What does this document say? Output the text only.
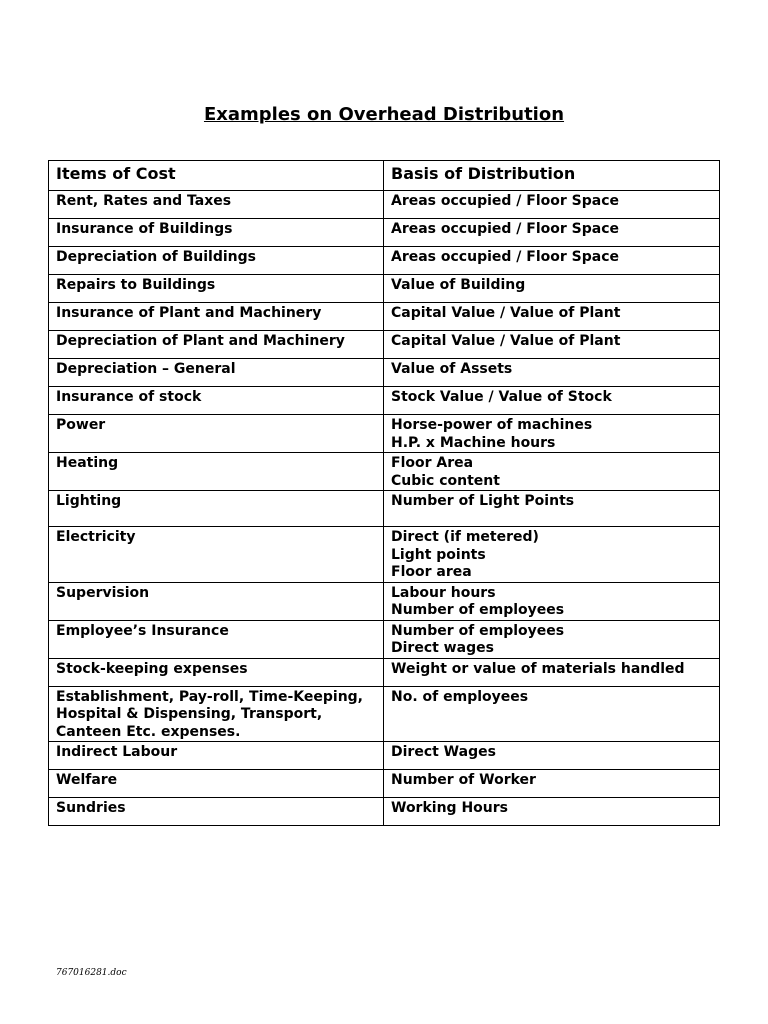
Examples on Overhead Distribution
Items of Cost	Basis of Distribution

Rent, Rates and Taxes	Areas occupied / Floor Space

Insurance of Buildings	Areas occupied / Floor Space

Depreciation of Buildings	Areas occupied / Floor Space

Repairs to Buildings	Value of Building

Insurance of Plant and Machinery	Capital Value / Value of Plant

Depreciation of Plant and Machinery	Capital Value / Value of Plant

Depreciation – General	Value of Assets

Insurance of stock	Stock Value / Value of Stock

Power	Horse-power of machines
H.P. x Machine hours

Heating	Floor Area
Cubic content

Lighting	Number of Light Points

Electricity	Direct (if metered)
Light points
Floor area

Supervision	Labour hours
Number of employees

Employee’s Insurance	Number of employees
Direct wages

Stock-keeping expenses	Weight or value of materials handled

Establishment, Pay-roll, Time-Keeping,
Hospital & Dispensing, Transport,
Canteen Etc. expenses.	No. of employees

Indirect Labour	Direct Wages

Welfare	Number of Worker

Sundries	Working Hours
767016281.doc
